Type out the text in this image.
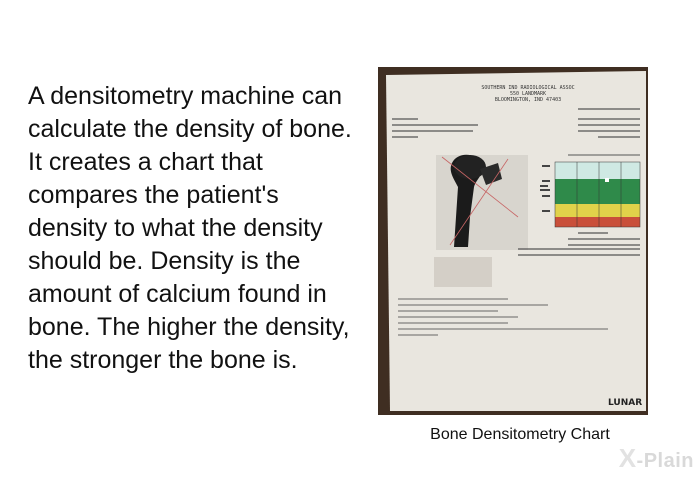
A densitometry machine can calculate the density of bone. It creates a chart that compares the patient's density to what the density should be. Density is the amount of calcium found in bone. The higher the density, the stronger the bone is.

SOUTHERN IND RADIOLOGICAL ASSOC
550 LANDMARK
BLOOMINGTON, IND 47403
LUNAR
Bone Densitometry Chart
X-Plain
